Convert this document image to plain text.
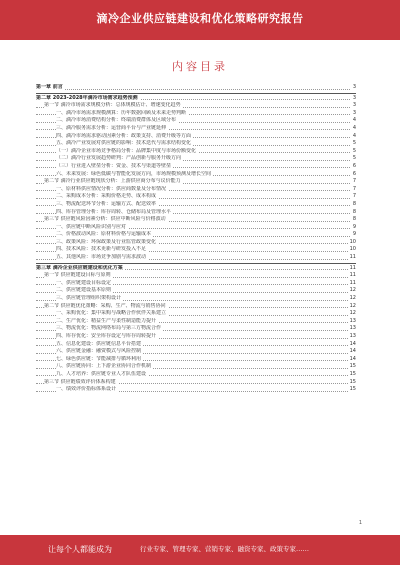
滴冷企业供应链建设和优化策略研究报告
内容目录
第一章 前言	3
第二章 2023-2028年滴冷市场需求趋势预测	3
第一节 滴冷市场需求规模分析：总体规模估计、增速变化趋势	3
一、滴冷市场需求规模测算：历年数据回顾及未来走势判断	3
二、滴冷市场消费结构分析：终端消费群体及区域分布	4
三、滴冷服务需求分析：运营商平台与产业链延伸	4
四、滴冷市场需求驱动因素分析：政策支持、消费升级等方面	4
五、滴冷产业发展对供应链的影响：技术迭代与需求结构变化	5
（一）滴冷企业市场竞争格局分析：品牌集中度与市场份额变化	5
（二）滴冷行业发展趋势研判：产品创新与服务升级方向	5
（三）行业进入壁垒分析：资金、技术与渠道等壁垒	6
六、未来发展：绿色低碳与智能化发展方向，市场规模预测及增长空间	6
第二节 滴冷行业供应链现状分析：上游供应商分布与议价能力	7
一、原材料供应情况分析：供应商数量及分布情况	7
二、采购成本分析：采购价格走势、成本构成	7
三、物流配送环节分析：运输方式、配送效率	8
四、库存管理分析：库存周转、仓储布局及管理水平	8
第三节 供应链风险因素分析：供应中断风险与价格波动	8
一、供应链中断风险识别与应对	9
二、价格波动风险：原材料价格与运输成本	9
三、政策风险：环保政策及行业监管政策变化	10
四、技术风险：技术更新与研发投入不足	10
五、其他风险：市场竞争加剧与需求波动	11
第三章 滴冷企业供应链建设和优化方案	11
第一节 供应链建设目标与原则	11
一、供应链建设目标设定	11
二、供应链建设基本原则	12
三、供应链管理组织架构设计	12
第二节 供应链优化策略：采购、生产、物流与销售协同	12
一、采购优化：集中采购与战略合作伙伴关系建立	12
二、生产优化：精益生产与柔性制造能力提升	13
三、物流优化：物流网络布局与第三方物流合作	13
四、库存优化：安全库存设定与库存周转提升	13
五、信息化建设：供应链信息平台搭建	14
六、供应链金融：融资模式与风险控制	14
七、绿色供应链：节能减排与循环利用	14
八、供应链协同：上下游企业协同合作机制	15
九、人才培养：供应链专业人才队伍建设	15
第三节 供应链绩效评价体系构建	15
一、绩效评价指标体系设计	15
1
让每个人都能成为	行业专家、管理专家、营销专家、融资专家、政策专家……
